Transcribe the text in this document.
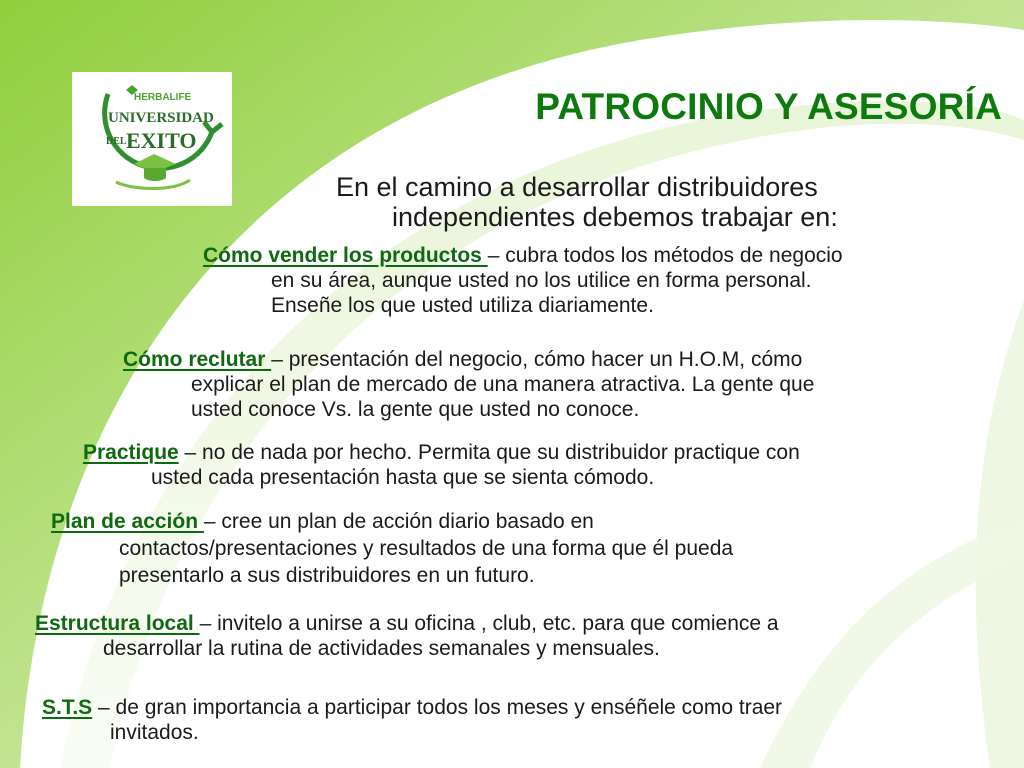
HERBALIFE
UNIVERSIDAD
DEL EXITO
PATROCINIO Y ASESORÍA
En el camino a desarrollar distribuidores
independientes debemos trabajar en:
Cómo vender los productos – cubra todos los métodos de negocio
en su área, aunque usted no los utilice en forma personal.
Enseñe los que usted utiliza diariamente.
Cómo reclutar – presentación del negocio, cómo hacer un H.O.M, cómo
explicar el plan de mercado de una manera atractiva. La gente que
usted conoce Vs. la gente que usted no conoce.
Practique – no de nada por hecho. Permita que su distribuidor practique con
usted cada presentación hasta que se sienta cómodo.
Plan de acción – cree un plan de acción diario basado en
contactos/presentaciones y resultados de una forma que él pueda
presentarlo a sus distribuidores en un futuro.
Estructura local – invitelo a unirse a su oficina , club, etc. para que comience a
desarrollar la rutina de actividades semanales y mensuales.
S.T.S – de gran importancia a participar todos los meses y enséñele como traer
invitados.
